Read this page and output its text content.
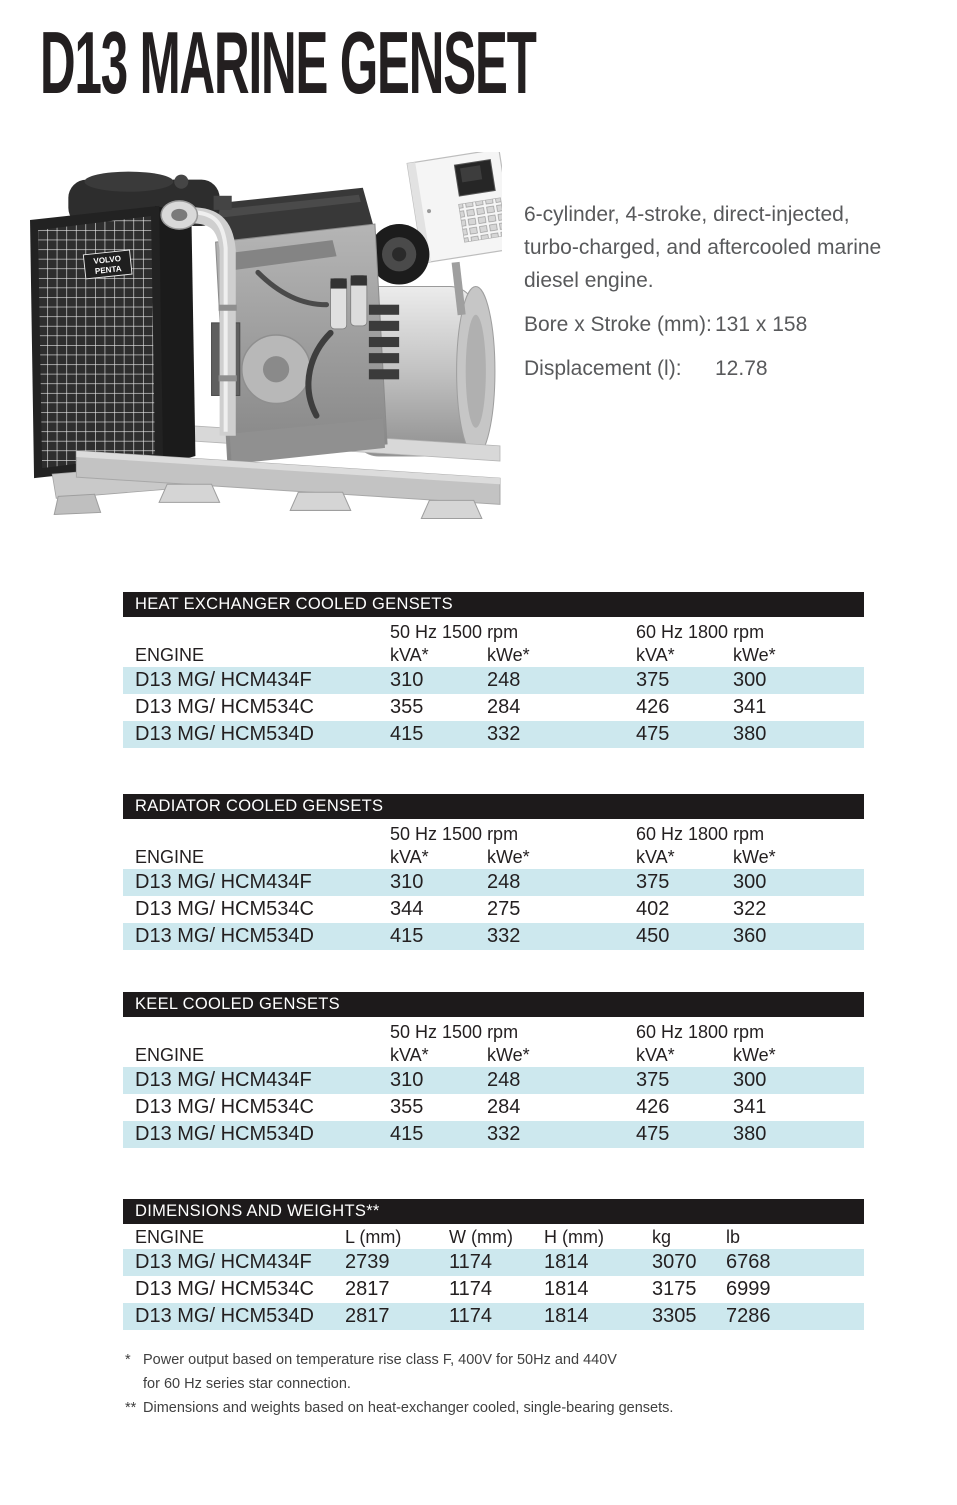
D13 MARINE GENSET
VOLVO
PENTA

6-cylinder, 4-stroke, direct-injected,
turbo-charged, and aftercooled marine
diesel engine.

Bore x Stroke (mm): 131 x 158
Displacement (l):	12.78
HEAT EXCHANGER COOLED GENSETS
50 Hz 1500 rpm	60 Hz 1800 rpm
ENGINE	kVA*	kWe*	kVA*	kWe*
D13 MG/ HCM434F	310	248	375	300
D13 MG/ HCM534C	355	284	426	341
D13 MG/ HCM534D	415	332	475	380
RADIATOR COOLED GENSETS
50 Hz 1500 rpm	60 Hz 1800 rpm
ENGINE	kVA*	kWe*	kVA*	kWe*
D13 MG/ HCM434F	310	248	375	300
D13 MG/ HCM534C	344	275	402	322
D13 MG/ HCM534D	415	332	450	360
KEEL COOLED GENSETS
50 Hz 1500 rpm	60 Hz 1800 rpm
ENGINE	kVA*	kWe*	kVA*	kWe*
D13 MG/ HCM434F	310	248	375	300
D13 MG/ HCM534C	355	284	426	341
D13 MG/ HCM534D	415	332	475	380
DIMENSIONS AND WEIGHTS**
ENGINE	L (mm)	W (mm)	H (mm)	kg	lb
D13 MG/ HCM434F	2739	1174	1814	3070	6768
D13 MG/ HCM534C	2817	1174	1814	3175	6999
D13 MG/ HCM534D	2817	1174	1814	3305	7286
* Power output based on temperature rise class F, 400V for 50Hz and 440V
for 60 Hz series star connection.
** Dimensions and weights based on heat-exchanger cooled, single-bearing gensets.
